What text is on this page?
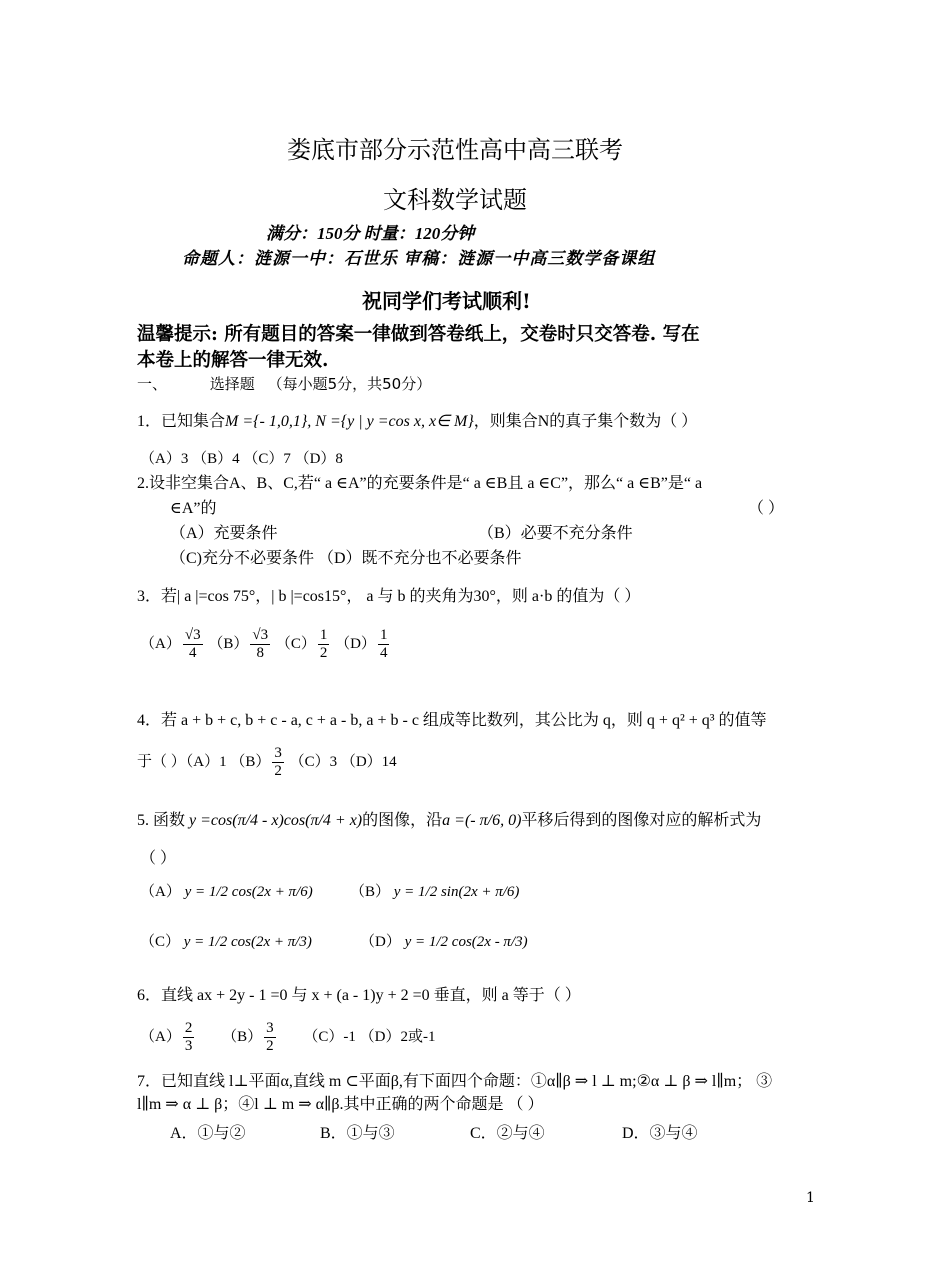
娄底市部分示范性高中高三联考
文科数学试题
满分：150分 时量：120分钟
命题人：涟源一中：石世乐 审稿：涟源一中高三数学备课组
祝同学们考试顺利!
温馨提示: 所有题目的答案一律做到答卷纸上，交卷时只交答卷. 写在
本卷上的解答一律无效.
一、	选择题 （每小题5分，共50分）
1．已知集合M ={- 1,0,1}, N ={y | y =cos x, x∈ M}，则集合N的真子集个数为（ ）
（A）3 （B）4 （C）7 （D）8
2.设非空集合A、B、C,若“ a ∈A”的充要条件是“ a ∈B且 a ∈C”，那么“ a ∈B”是“ a
∈A”的	（ ）
（A）充要条件	（B）必要不充分条件
（C)充分不必要条件 （D）既不充分也不必要条件
3．若| a |=cos 75°，| b |=cos15°， a 与 b 的夹角为30°，则 a·b 的值为（ ）
$(A) \frac{√3}{4} (B) \frac{√3}{8} (C) \frac{1}{2} (D) \frac{1}{4}$
4．若 a + b + c, b + c - a, c + a - b, a + b - c 组成等比数列，其公比为 q，则 q + q² + q³ 的值等
于（ ）（A）1 $(B) \frac{3}{2} (C)3$ （D）14
5. 函数 y =cos(π/4 - x)cos(π/4 + x)的图像，沿a =(- π/6, 0)平移后得到的图像对应的解析式为
（ ）
（A） y = 1/2 cos(2x + π/6) （B） y = 1/2 sin(2x + π/6)
（C） y = 1/2 cos(2x + π/3)	（D） y = 1/2 cos(2x - π/3)
6．直线 ax + 2y - 1 =0 与 x + (a - 1)y + 2 =0 垂直，则 a 等于（ ）
$(A) \frac{2}{3} (B) \frac{3}{2} (C)-1$ （D）2或-1
7．已知直线 l⊥平面α,直线 m ⊂平面β,有下面四个命题：①α∥β ⇒ l ⊥ m;②α ⊥ β ⇒ l∥m； ③
l∥m ⇒ α ⊥ β；④l ⊥ m ⇒ α∥β.其中正确的两个命题是 （ ）
A．①与②	B．①与③	C．②与④	D．③与④
1
